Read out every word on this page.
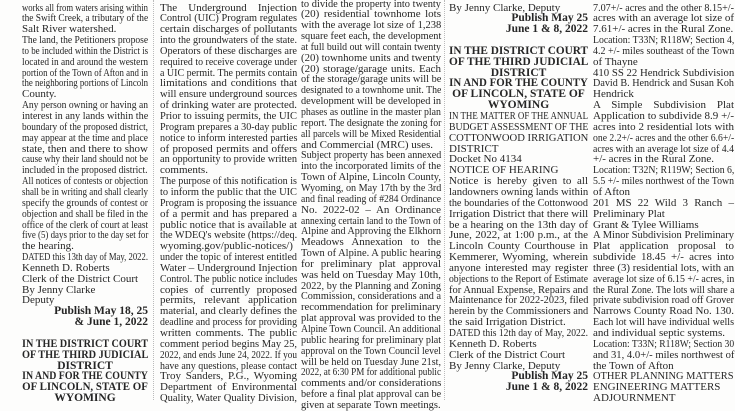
works all from waters arising within
the Swift Creek, a tributary of the
Salt River watershed.
The land, the Petitioners propose
to be included within the District is
located in and around the western
portion of the Town of Afton and in
the neighboring portions of Lincoln
County.
Any person owning or having an
interest in any lands within the
boundary of the proposed district,
may appear at the time and place
state, then and there to show
cause why their land should not be
included in the proposed district.
All notices of contests or objection
shall be in writing and shall clearly
specify the grounds of contest or
objection and shall be filed in the
office of the clerk of court at least
five (5) days prior to the day set for
the hearing.
DATED this 13th day of May, 2022.
Kenneth D. Roberts
Clerk of the District Court
By Jenny Clarke
Deputy
Publish May 18, 25
& June 1, 2022
IN THE DISTRICT COURT
OF THE THIRD JUDICIAL
DISTRICT
IN AND FOR THE COUNTY
OF LINCOLN, STATE OF
WYOMING
The Underground Injection
Control (UIC) Program regulates
certain discharges of pollutants
into the groundwaters of the state.
Operators of these discharges are
required to receive coverage under
a UIC permit. The permits contain
limitations and conditions that
will ensure underground sources
of drinking water are protected.
Prior to issuing permits, the UIC
Program prepares a 30-day public
notice to inform interested parties
of proposed permits and offers
an opportunity to provide written
comments.
The purpose of this notification is
to inform the public that the UIC
Program is proposing the issuance
of a permit and has prepared a
public notice that is available at
the WDEQ's website (https://deq.
wyoming.gov/public-notices/)
under the topic of interest entitled
Water – Underground Injection
Control. The public notice includes
copies of currently proposed
permits, relevant application
material, and clearly defines the
deadline and process for providing
written comments. The public
comment period begins May 25,
2022, and ends June 24, 2022. If you
have any questions, please contact
Troy Sanders, P.G., Wyoming
Department of Environmental
Quality, Water Quality Division,
to divide the property into twenty
(20) residential townhome lots
with the average lot size of 1,238
square feet each, the development
at full build out will contain twenty
(20) townhome units and twenty
(20) storage/garage units. Each
of the storage/garage units will be
designated to a townhome unit. The
development will be developed in
phases as outline in the master plan
report. The designate the zoning for
all parcels will be Mixed Residential
and Commercial (MRC) uses.
Subject property has been annexed
into the incorporated limits of the
Town of Alpine, Lincoln County,
Wyoming, on May 17th by the 3rd
and final reading of #284 Ordinance
No. 2022-02 – An Ordinance
annexing certain land to the Town of
Alpine and Approving the Elkhorn
Meadows Annexation to the
Town of Alpine. A public hearing
for preliminary plat approval
was held on Tuesday May 10th,
2022, by the Planning and Zoning
Commission, considerations and a
recommendation for preliminary
plat approval was provided to the
Alpine Town Council. An additional
public hearing for preliminary plat
approval on the Town Council level
will be held on Tuesday June 21st,
2022, at 6:30 PM for additional public
comments and/or considerations
before a final plat approval can be
given at separate Town meetings.
By Jenny Clarke, Deputy
Publish May 25
June 1 & 8, 2022
IN THE DISTRICT COURT
OF THE THIRD JUDICIAL
DISTRICT
IN AND FOR THE COUNTY
OF LINCOLN, STATE OF
WYOMING
IN THE MATTER OF THE ANNUAL
BUDGET ASSESSMENT OF THE
COTTONWOOD IRRIGATION
DISTRICT
Docket No 4134
NOTICE OF HEARING
Notice is hereby given to all
landowners owning lands within
the boundaries of the Cottonwood
Irrigation District that there will
be a hearing on the 13th day of
June, 2022, at 1:00 p.m., at the
Lincoln County Courthouse in
Kemmerer, Wyoming, wherein
anyone interested may register
objections to the Report of Estimate
for Annual Expense, Repairs and
Maintenance for 2022-2023, filed
herein by the Commissioners and
the said Irrigation District.
DATED this 12th day of May, 2022.
Kenneth D. Roberts
Clerk of the District Court
By Jenny Clarke, Deputy
Publish May 25
June 1 & 8, 2022
7.07+/- acres and the other 8.15+/-
acres with an average lot size of
7.61+/- acres in the Rural Zone.
Location: T33N; R118W; Section 4,
4.2 +/- miles southeast of the Town
of Thayne
410 SS 22 Hendrick Subdivision
David B. Hendrick and Susan Koh
Hendrick
A Simple Subdivision Plat
Application to subdivide 8.9 +/-
acres into 2 residential lots with
one 2.2+/- acres and the other 6.6+/-
acres with an average lot size of 4.4
+/- acres in the Rural Zone.
Location: T32N; R119W; Section 6,
5.5 +/- miles northwest of the Town
of Afton
201 MS 22 Wild 3 Ranch –
Preliminary Plat
Grant & Tylee Williams
A Minor Subdivision Preliminary
Plat application proposal to
subdivide 18.45 +/- acres into
three (3) residential lots, with an
average lot size of 6.15 +/- acres, in
the Rural Zone. The lots will share a
private subdivision road off Grover
Narrows County Road No. 130.
Each lot will have individual wells
and individual septic systems.
Location: T33N; R118W; Section 30
and 31, 4.0+/- miles northwest of
the Town of Afton
OTHER PLANNING MATTERS
ENGINEERING MATTERS
ADJOURNMENT
